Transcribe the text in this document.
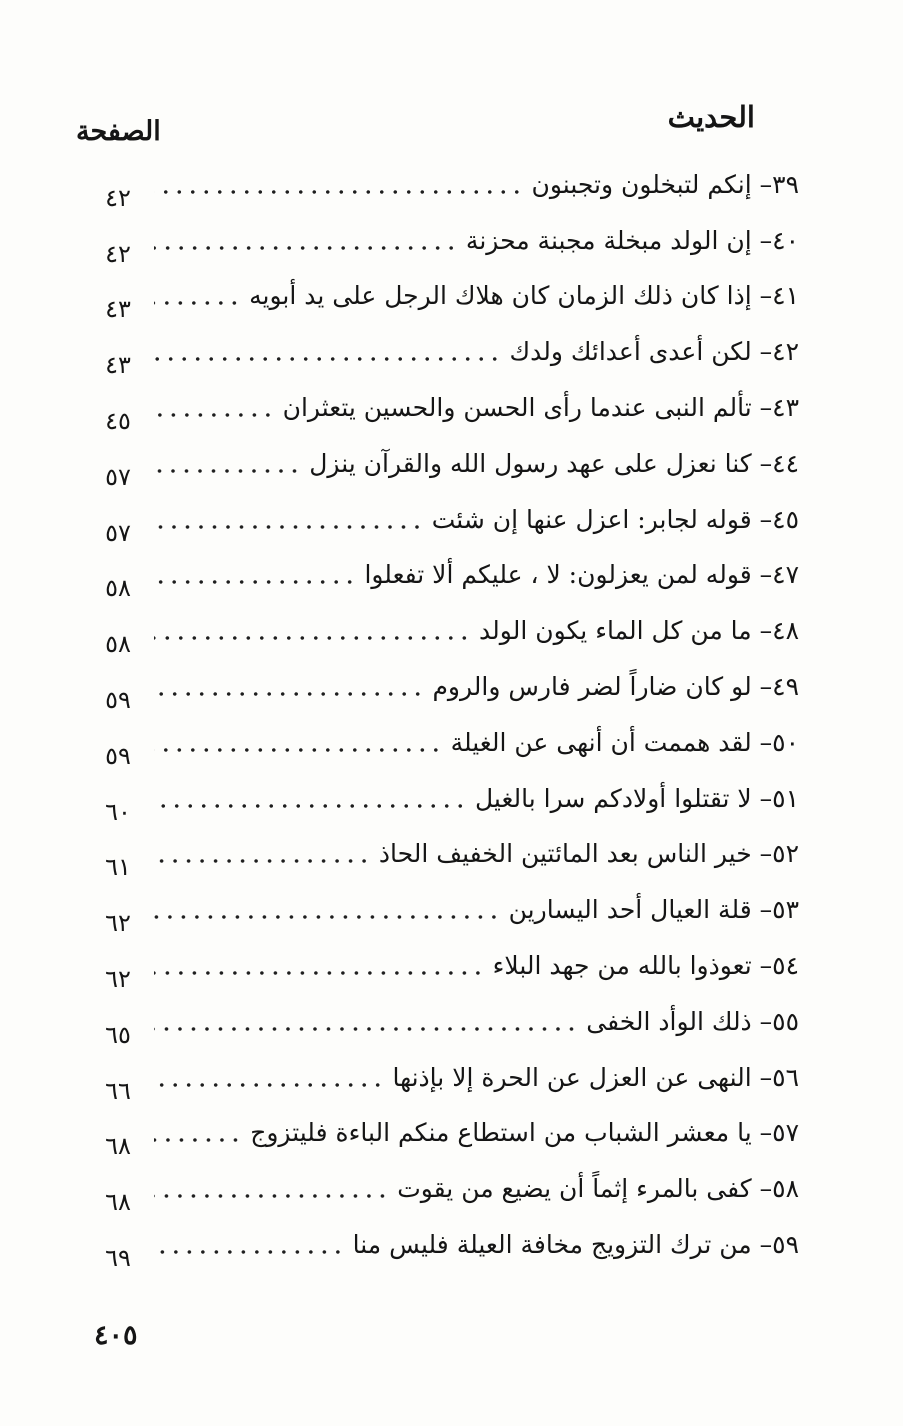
الحديث
الصفحة
٣٩– إنكم لتبخلون وتجبنون
٤٢
٤٠– إن الولد مبخلة مجبنة محزنة
٤٢
٤١– إذا كان ذلك الزمان كان هلاك الرجل على يد أبويه
٤٣
٤٢– لكن أعدى أعدائك ولدك
٤٣
٤٣– تألم النبى عندما رأى الحسن والحسين يتعثران
٤٥
٤٤– كنا نعزل على عهد رسول الله والقرآن ينزل
٥٧
٤٥– قوله لجابر: اعزل عنها إن شئت
٥٧
٤٧– قوله لمن يعزلون: لا ، عليكم ألا تفعلوا
٥٨
٤٨– ما من كل الماء يكون الولد
٥٨
٤٩– لو كان ضاراً لضر فارس والروم
٥٩
٥٠– لقد هممت أن أنهى عن الغيلة
٥٩
٥١– لا تقتلوا أولادكم سرا بالغيل
٦٠
٥٢– خير الناس بعد المائتين الخفيف الحاذ
٦١
٥٣– قلة العيال أحد اليسارين
٦٢
٥٤– تعوذوا بالله من جهد البلاء
٦٢
٥٥– ذلك الوأد الخفى
٦٥
٥٦– النهى عن العزل عن الحرة إلا بإذنها
٦٦
٥٧– يا معشر الشباب من استطاع منكم الباءة فليتزوج
٦٨
٥٨– كفى بالمرء إثماً أن يضيع من يقوت
٦٨
٥٩– من ترك التزويج مخافة العيلة فليس منا
٦٩
٤٠٥
